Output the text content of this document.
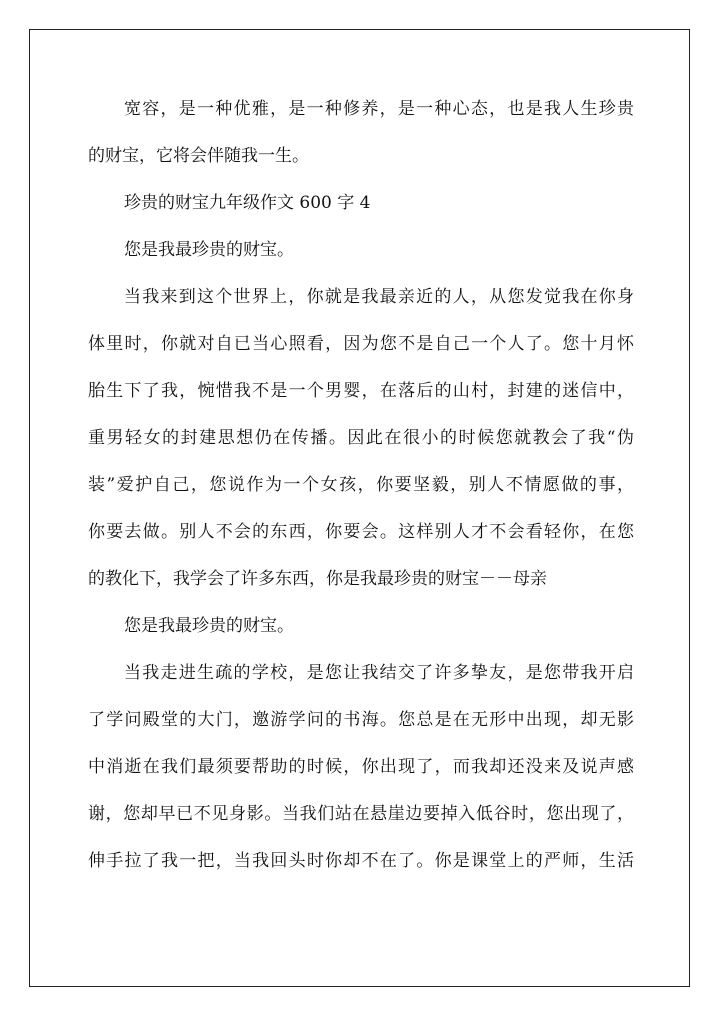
宽容，是一种优雅，是一种修养，是一种心态，也是我人生珍贵
的财宝，它将会伴随我一生。
珍贵的财宝九年级作文 600 字 4
您是我最珍贵的财宝。
当我来到这个世界上，你就是我最亲近的人，从您发觉我在你身
体里时，你就对自已当心照看，因为您不是自己一个人了。您十月怀
胎生下了我，惋惜我不是一个男婴，在落后的山村，封建的迷信中，
重男轻女的封建思想仍在传播。因此在很小的时候您就教会了我“伪
装”爱护自己，您说作为一个女孩，你要坚毅，别人不情愿做的事，
你要去做。别人不会的东西，你要会。这样别人才不会看轻你，在您
的教化下，我学会了许多东西，你是我最珍贵的财宝－－母亲
您是我最珍贵的财宝。
当我走进生疏的学校，是您让我结交了许多挚友，是您带我开启
了学问殿堂的大门，邀游学问的书海。您总是在无形中出现，却无影
中消逝在我们最须要帮助的时候，你出现了，而我却还没来及说声感
谢，您却早已不见身影。当我们站在悬崖边要掉入低谷时，您出现了，
伸手拉了我一把，当我回头时你却不在了。你是课堂上的严师，生活
